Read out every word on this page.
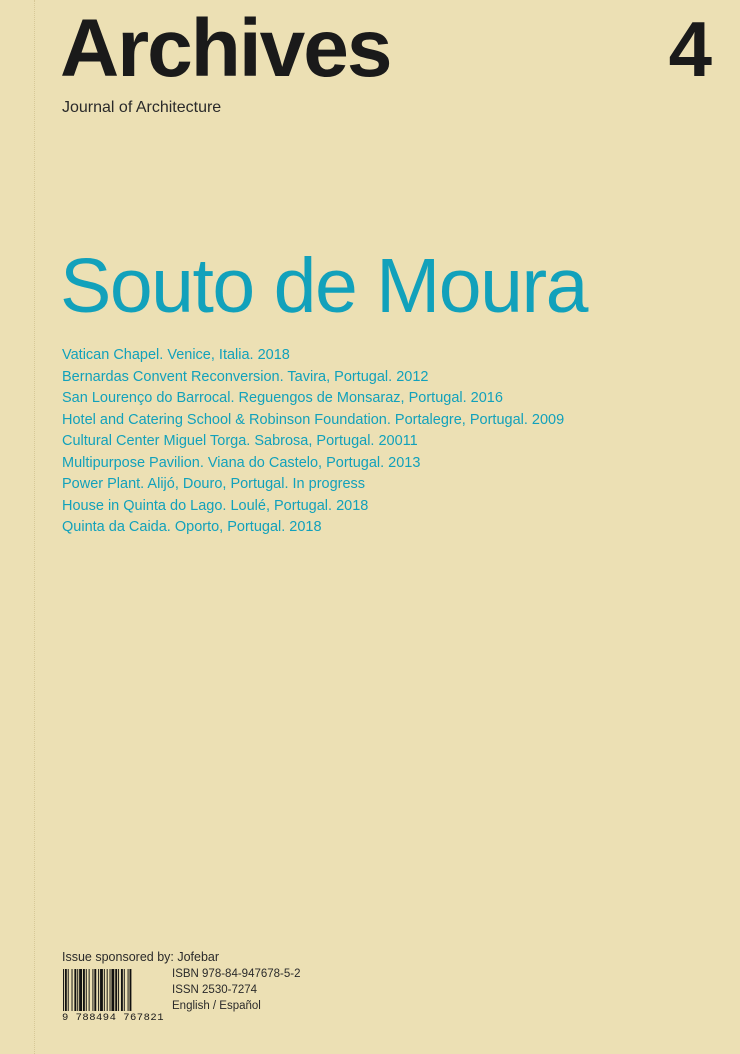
Archives	4
Journal of Architecture
Souto de Moura
Vatican Chapel. Venice, Italia. 2018
Bernardas Convent Reconversion. Tavira, Portugal. 2012
San Lourenço do Barrocal. Reguengos de Monsaraz, Portugal. 2016
Hotel and Catering School & Robinson Foundation. Portalegre, Portugal. 2009
Cultural Center Miguel Torga. Sabrosa, Portugal. 20011
Multipurpose Pavilion. Viana do Castelo, Portugal. 2013
Power Plant. Alijó, Douro, Portugal. In progress
House in Quinta do Lago. Loulé, Portugal. 2018
Quinta da Caida. Oporto, Portugal. 2018
Issue sponsored by: Jofebar
9 788494 767821
ISBN 978-84-947678-5-2
ISSN 2530-7274
English / Español
